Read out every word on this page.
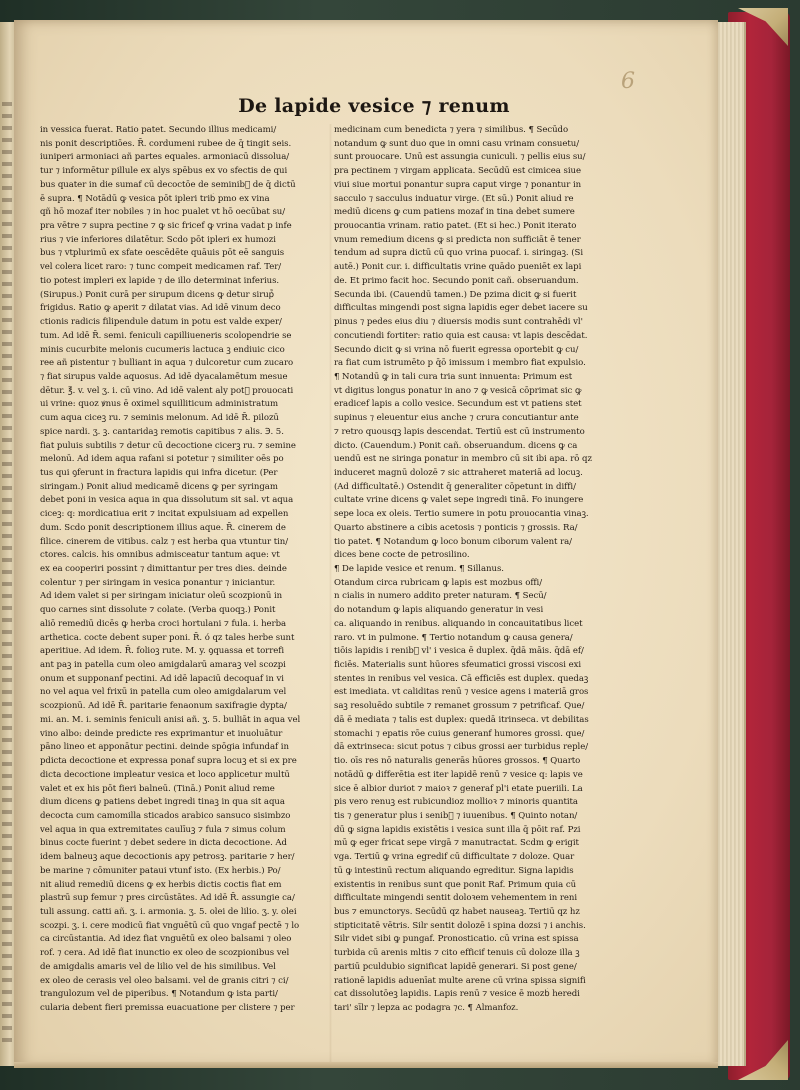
6
De lapide vesice ⁊ renum
in vessica fuerat. Ratio patet. Secundo illius medicami/
nis ponit descriptiōes. R̄. cordumeni rubee de q̄ tingit seis.
iuniperi armoniaci añ partes equales. armoniacū dissolua/
tur ⁊ informētur pillule ex alys spēbus ex vo sfectis de qui
bus quater in die sumaf cū decoctōe de seminib᷒ de q̄ dictū
ē supra. ¶ Notādū ꝙ vesica pōt ipleri trib᷒ pmo ex vina
qñ hō mozaf iter nobiles ⁊ in hoc pualet vt hō oecūbat su/
pra vētre ⁊ supra pectine ⁊ ꝙ sic fricef ꝙ vrina vadat p infe
rius ⁊ vie inferiores dilatētur. Scdo pōt ipleri ex humozi
bus ⁊ vtplurimū ex sfate oescēdēte quāuis pōt eē sanguis
vel colera licet raro: ⁊ tunc compeit medicamen raf. Ter/
tio potest impleri ex lapide ⁊ de illo determinat inferius.
(Sirupus.) Ponit curā per sirupum dicens ꝙ detur sirup᷒
frigidus. Ratio ꝙ aperit ⁊ dilatat vias. Ad idē vinum deco
ctionis radicis filipendule datum in potu est valde exper/
tum. Ad idē R̄. semi. feniculi capilliueneris scolopendrie se
minis cucurbite melonis cucumeris lactuca ꝫ endiuic cico
ree añ pistentur ⁊ bulliant in aqua ⁊ dulcoretur cum zucaro
⁊ fiat sirupus valde aquosus. Ad idē dyacalamētum mesue
dētur. ℥. v. vel ʒ. i. cū vino. Ad idē valent aly pot᷒ prouocati
ui vrine: quoz ꝟnus ē oximel squilliticum administratum
cum aqua ciceꝫ ru. ⁊ seminis melonum. Ad idē R̄. pilozū
spice nardi. ʒ. ꝫ. cantaridaꝫ remotis capitibus ⁊ alis. ℈. 5.
fiat puluis subtilis ⁊ detur cū decoctione cicerꝫ ru. ⁊ semine
melonū. Ad idem aqua rafani si potetur ⁊ similiter oēs po
tus qui ꝯferunt in fractura lapidis qui infra dicetur. (Per
siringam.) Ponit aliud medicamē dicens ꝙ per syringam
debet poni in vesica aqua in qua dissolutum sit sal. vt aqua
ciceꝫ: q: mordicatiua erit ⁊ incitat expulsiuam ad expellen
dum. Scdo ponit descriptionem illius aque. R̄. cinerem de
filice. cinerem de vitibus. calz ⁊ est herba qua vtuntur tin/
ctores. calcis. his omnibus admisceatur tantum aque: vt
ex ea cooperiri possint ⁊ dimittantur per tres dies. deinde
colentur ⁊ per siringam in vesica ponantur ⁊ iniciantur.
Ad idem valet si per siringam iniciatur oleū scozpionū in
quo carnes sint dissolute ⁊ colate. (Verba quoqꝫ.) Ponit
aliō remediū dicēs ꝙ herba croci hortulani ⁊ fula. i. herba
arthetica. cocte debent super poni. R̄. ó qz tales herbe sunt
aperitiue. Ad idem. R̄. folioꝫ rute. M. y. ꝯquassa et torrefi
ant paꝫ in patella cum oleo amigdalarū amaraꝫ vel scozpi
onum et supponanf pectini. Ad idē lapaciū decoquaf in vi
no vel aqua vel frixū in patella cum oleo amigdalarum vel
scozpionū. Ad idē R̄. paritarie fenaonum saxifragie dypta/
mi. an. M. i. seminis feniculi anisi añ. ʒ. 5. bulliāt in aqua vel
vino albo: deinde predicte res exprimantur et inuoluātur
pāno lineo et apponātur pectini. deinde spōgia infundaf in
pdicta decoctione et expressa ponaf supra locuꝫ et si ex pre
dicta decoctione impleatur vesica et loco applicetur multū
valet et ex his pōt fieri balneū. (Tinā.) Ponit aliud reme
dium dicens ꝙ patiens debet ingredi tinaꝫ in qua sit aqua
decocta cum camomilla sticados arabico sansuco sisimbzo
vel aqua in qua extremitates caulīuꝫ ⁊ fula ⁊ simus colum
binus cocte fuerint ⁊ debet sedere in dicta decoctione. Ad
idem balneuꝫ aque decoctionis apy petrosꝫ. paritarie ⁊ her/
be marine ⁊ cōmuniter pataui vtunf isto. (Ex herbis.) Po/
nit aliud remediū dicens ꝙ ex herbis dictis coctis fiat em
plastrū sup femur ⁊ pres circūstātes. Ad idē R̄. assungie ca/
tuli assung. catti añ. ʒ. i. armonia. ʒ. 5. olei de lilio. ʒ. y. olei
scozpi. ʒ. i. cere modicū fiat vnguētū cū quo vngaf pectē ⁊ lo
ca circūstantia. Ad idez fiat vnguētū ex oleo balsami ⁊ oleo
rof. ⁊ cera. Ad idē fiat inunctio ex oleo de scozpionibus vel
de amigdalis amaris vel de lilio vel de his similibus. Vel
ex oleo de cerasis vel oleo balsami. vel de granis citri ⁊ ci/
trangulozum vel de piperibus. ¶ Notandum ꝙ ista parti/
cularia debent fieri premissa euacuatione per clistere ⁊ per
medicinam cum benedicta ⁊ yera ⁊ similibus. ¶ Secūdo
notandum ꝙ sunt duo que in omni casu vrinam consuetu/
sunt prouocare. Unū est assungia cuniculi. ⁊ pellis eius su/
pra pectinem ⁊ virgam applicata. Secūdū est cimicea siue
viui siue mortui ponantur supra caput virge ⁊ ponantur in
sacculo ⁊ sacculus induatur virge. (Et sū.) Ponit aliud re
mediū dicens ꝙ cum patiens mozaf in tina debet sumere
prouocantia vrinam. ratio patet. (Et si hec.) Ponit iterato
vnum remedium dicens ꝙ si predicta non sufficiāt ē tener
tendum ad supra dictū cū quo vrina puocaf. i. siringaꝫ. (Si
autē.) Ponit cur. i. difficultatis vrine quādo pueniēt ex lapi
de. Et primo facit hoc. Secundo ponit cañ. obseruandum.
Secunda ibi. (Cauendū tamen.) De pzima dicit ꝙ si fuerit
difficultas mingendi post signa lapidis eger debet iacere su
pinus ⁊ pedes eius diu ⁊ diuersis modis sunt contrahēdi vl'
concutiendi fortiter: ratio quia est causa: vt lapis descēdat.
Secundo dicit ꝙ si vrina nō fuerit egressa oportebit ꝙ cu/
ra fiat cum istrumēto p q̄ō imissum i membro fiat expulsio.
¶ Notandū ꝙ in tali cura tria sunt innuenta: Primum est
vt digitus longus ponatur in ano ⁊ ꝙ vesicā cōprimat sic ꝙ
eradicef lapis a collo vesice. Secundum est vt patiens stet
supinus ⁊ eleuentur eius anche ⁊ crura concutiantur ante
⁊ retro quousqꝫ lapis descendat. Tertiū est cū instrumento
dicto. (Cauendum.) Ponit cañ. obseruandum. dicens ꝙ ca
uendū est ne siringa ponatur in membro cū sit ibi apa. rō qz
induceret magnū dolozē ⁊ sic attraheret materiā ad locuꝫ.
(Ad difficultatē.) Ostendit q̄ generaliter cōpetunt in diffi/
cultate vrine dicens ꝙ valet sepe ingredi tinā. Fo inungere
sepe loca ex oleis. Tertio sumere in potu prouocantia vinaꝫ.
Quarto abstinere a cibis acetosis ⁊ ponticis ⁊ grossis. Ra/
tio patet. ¶ Notandum ꝙ loco bonum ciborum valent ra/
dices bene cocte de petrosilino.
¶ De lapide vesice et renum. ¶ Sillanus.
Otandum circa rubricam ꝙ lapis est mozbus offi/
n cialis in numero addito preter naturam. ¶ Secū/
do notandum ꝙ lapis aliquando generatur in vesi
ca. aliquando in renibus. aliquando in concauitatibus licet
raro. vt in pulmone. ¶ Tertio notandum ꝙ causa genera/
tiōis lapidis i renib᷒ vl' i vesica ē duplex. q̄dā māis. q̄dā ef/
ficiēs. Materialis sunt hūores sfeumatici grossi viscosi exi
stentes in renibus vel vesica. Cā efficiēs est duplex. quedaꝫ
est imediata. vt caliditas renū ⁊ vesice agens i materiā gros
saꝫ resoluēdo subtile ⁊ remanet grossum ⁊ petrificaf. Que/
dā ē mediata ⁊ talis est duplex: quedā itrinseca. vt debilitas
stomachi ⁊ epatis rōe cuius generanf humores grossi. que/
dā extrinseca: sicut potus ⁊ cibus grossi aer turbidus reple/
tio. oīs res nō naturalis generās hūores grossos. ¶ Quarto
notādū ꝙ differētia est iter lapidē renū ⁊ vesice q: lapis ve
sice ē albior duriot ⁊ maioꝛ ⁊ generaf pl'i etate pueriili. La
pis vero renuꝫ est rubicundioz mollioꝛ ⁊ minoris quantita
tis ⁊ generatur plus i senib᷒ ⁊ iuuenibus. ¶ Quinto notan/
dū ꝙ signa lapidis existētis i vesica sunt illa q̄ pōit raf. Pzi
mū ꝙ eger fricat sepe virgā ⁊ manutractat. Scdm ꝙ erigit
vga. Tertiū ꝙ vrina egredif cū difficultate ⁊ doloze. Quar
tū ꝙ intestinū rectum aliquando egreditur. Signa lapidis
existentis in renibus sunt que ponit Raf. Primum quia cū
difficultate mingendi sentit doloꝛem vehementem in reni
bus ⁊ emunctorys. Secūdū qz habet nauseaꝫ. Tertiū qz hz
stipticitatē vētris. Silr sentit dolozē i spina dozsi ⁊ i anchis.
Silr videt sibi ꝙ pungaf. Pronosticatio. cū vrina est spissa
turbida cū arenis mltis ⁊ cito efficif tenuis cū doloze illa ꝫ
partiū pculdubio significat lapidē generari. Si post gene/
rationē lapidis aduenīat multe arene cū vrina spissa signifi
cat dissolutōeꝫ lapidis. Lapis renū ⁊ vesice ē mozb᷒ heredi
tari' sīlr ⁊ lepza ac podagra ⁊c. ¶ Almanfoz.
